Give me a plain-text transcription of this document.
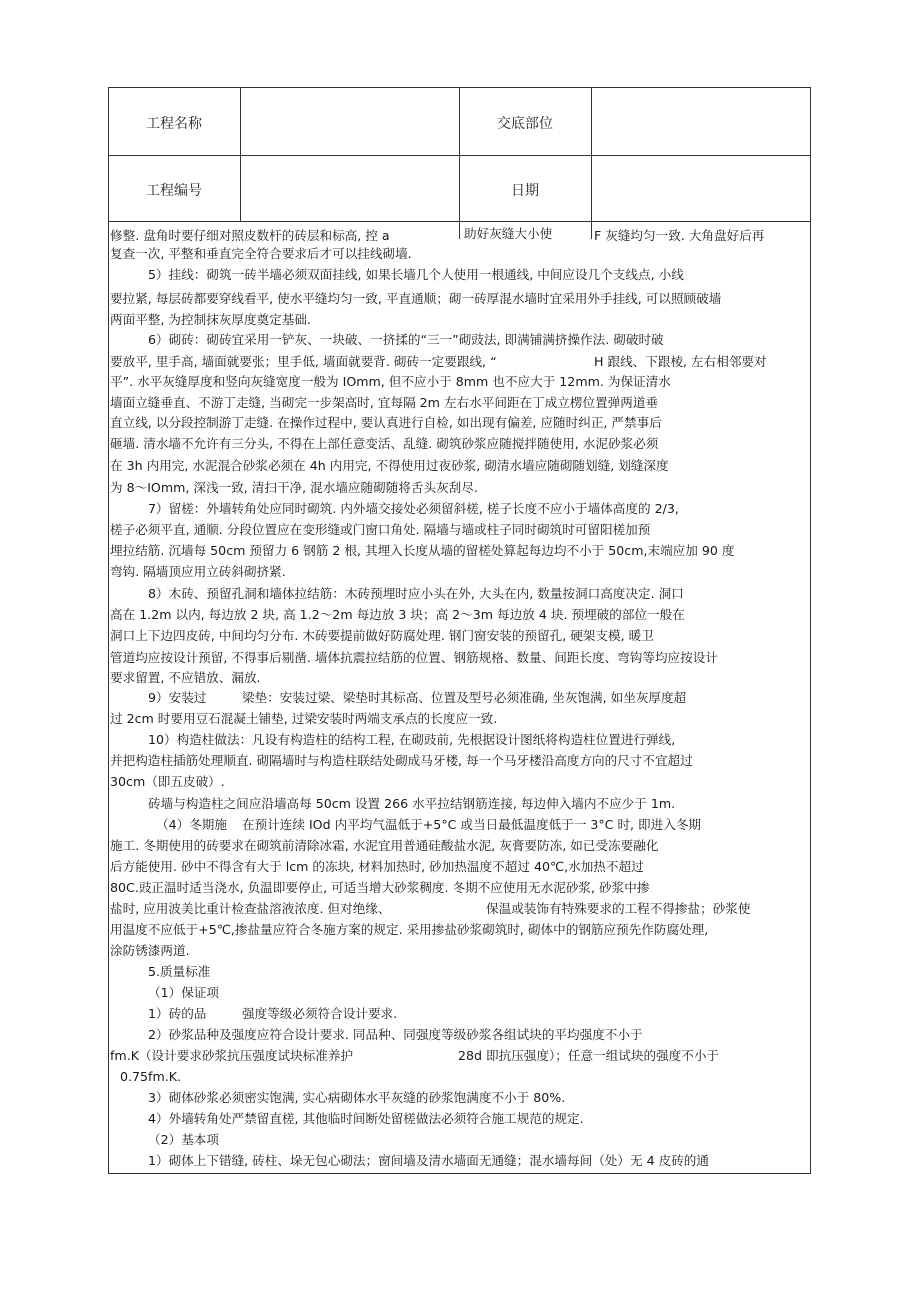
工程名称	交底部位
工程编号	日期
修整. 盘角时要仔细对照皮数杆的砖层和标高, 控 a	助好灰缝大小使	F 灰缝均匀一致. 大角盘好后再
复查一次, 平整和垂直完全符合要求后才可以挂线砌墙.
5）挂线：砌筑一砖半墙必须双面挂线, 如果长墙几个人使用一根通线, 中间应设几个支线点, 小线
要拉紧, 每层砖都要穿线看平, 使水平缝均匀一致, 平直通顺；砌一砖厚混水墙时宜采用外手挂线, 可以照顾破墙
两面平整, 为控制抹灰厚度奠定基础.
6）砌砖：砌砖宜采用一铲灰、一块破、一挤揉的“三一”砌豉法, 即满铺满挤操作法. 砌破时破
要放平, 里手高, 墙面就要张；里手低, 墙面就要背. 砌砖一定要跟线, “	H 跟线、下跟棱, 左右相邻要对
平”. 水平灰缝厚度和竖向灰缝宽度一般为 IOmm, 但不应小于 8mm 也不应大于 12mm. 为保证清水
墙面立缝垂直、不游丁走缝, 当砌完一步架高时, 宜每隔 2m 左右水平间距在丁成立楞位置弹两道垂
直立线, 以分段控制游丁走缝. 在操作过程中, 要认真进行自检, 如出现有偏差, 应随时纠正, 严禁事后
砸墙. 清水墙不允许有三分头, 不得在上部任意变活、乱缝. 砌筑砂浆应随搅拌随使用, 水泥砂浆必须
在 3h 内用完, 水泥混合砂浆必须在 4h 内用完, 不得使用过夜砂浆, 砌清水墙应随砌随划缝, 划缝深度
为 8～IOmm, 深浅一致, 清扫干净, 混水墙应随砌随将舌头灰刮尽.
7）留槎：外墙转角处应同时砌筑. 内外墙交接处必须留斜槎, 槎子长度不应小于墙体高度的 2/3,
槎子必须平直, 通顺. 分段位置应在变形缝或门窗口角处. 隔墙与墙或柱子同时砌筑时可留阳槎加预
埋拉结筋. 沉墙每 50cm 预留力 6 钢筋 2 根, 其埋入长度从墙的留槎处算起每边均不小于 50cm,末端应加 90 度
弯钩. 隔墙顶应用立砖斜砌挤紧.
8）木砖、预留孔洞和墙体拉结筋：木砖预埋时应小头在外, 大头在内, 数量按洞口高度决定. 洞口
高在 1.2m 以内, 每边放 2 块, 高 1.2～2m 每边放 3 块；高 2～3m 每边放 4 块. 预埋破的部位一般在
洞口上下边四皮砖, 中间均匀分布. 木砖要提前做好防腐处理. 钢门窗安装的预留孔, 硬架支模, 暖卫
管道均应按设计预留, 不得事后剔凿. 墙体抗震拉结筋的位置、钢筋规格、数量、间距长度、弯钩等均应按设计
要求留置, 不应错放、漏放.
9）安装过	梁垫：安装过梁、梁垫时其标高、位置及型号必须准确, 坐灰饱满, 如坐灰厚度超
过 2cm 时要用豆石混凝土铺垫, 过梁安装时两端支承点的长度应一致.
10）构造柱做法：凡设有构造柱的结构工程, 在砌豉前, 先根据设计图纸将构造柱位置进行弹线,
并把构造柱插筋处理顺直. 砌隔墙时与构造柱联结处砌成马牙楼, 每一个马牙楼沿高度方向的尺寸不宜超过
30cm（即五皮破）.
砖墙与构造柱之间应沿墙高每 50cm 设置 266 水平拉结钢筋连接, 每边伸入墙内不应少于 1m.
（4）冬期施 在预计连续 IOd 内平均气温低于+5°C 或当日最低温度低于一 3°C 时, 即进入冬期
施工. 冬期使用的砖要求在砌筑前清除冰霜, 水泥宜用普通硅酸盐水泥, 灰膏要防冻, 如已受冻要融化
后方能使用. 砂中不得含有大于 lcm 的冻块, 材料加热时, 砂加热温度不超过 40℃,水加热不超过
80C.豉正温时适当浇水, 负温即要停止, 可适当增大砂浆稠度. 冬期不应使用无水泥砂浆, 砂浆中掺
盐时, 应用波美比重计检查盐溶液浓度. 但对绝缘、	保温或装饰有特殊要求的工程不得掺盐；砂浆使
用温度不应低于+5℃,掺盐量应符合冬施方案的规定. 采用掺盐砂浆砌筑时, 砌体中的钢筋应预先作防腐处理,
涂防锈漆两道.
5.质量标准
（1）保证项
1）砖的品	强度等级必须符合设计要求.
2）砂浆品种及强度应符合设计要求. 同品种、同强度等级砂浆各组试块的平均强度不小于
fm.K（设计要求砂浆抗压强度试块标准养护	28d 即抗压强度）；任意一组试块的强度不小于
0.75fm.K.
3）砌体砂浆必须密实饱满, 实心病砌体水平灰缝的砂浆饱满度不小于 80%.
4）外墙转角处严禁留直槎, 其他临时间断处留槎做法必须符合施工规范的规定.
（2）基本项
1）砌体上下错缝, 砖柱、垛无包心砌法；窗间墙及清水墙面无通缝；混水墙每间（处）无 4 皮砖的通
